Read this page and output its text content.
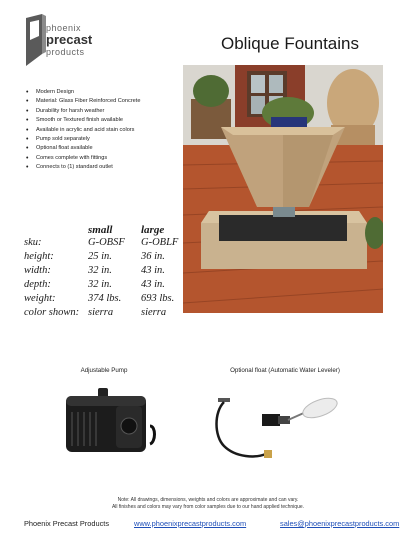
phoenix
precast
products	Oblique Fountains
• Modern Design
• Material: Glass Fiber Reinforced Concrete
• Durability for harsh weather
• Smooth or Textured finish available
• Available in acrylic and acid stain colors
• Pump sold separately
• Optional float available
• Comes complete with fittings
• Connects to (1) standard outlet
small	large
sku:	G-OBSF G-OBLF
height:	25 in.	36 in.
width:	32 in.	43 in.
depth:	32 in.	43 in.
weight:	374 lbs. 693 lbs.
color shown: sierra	sierra
Adjustable Pump	Optional float (Automatic Water Leveler)
Note: All drawings, dimensions, weights and colors are approximate and can vary.
All finishes and colors may vary from color samples due to our hand applied technique.
Phoenix Precast Products	www.phoenixprecastproducts.com	sales@phoenixprecastproducts.com
